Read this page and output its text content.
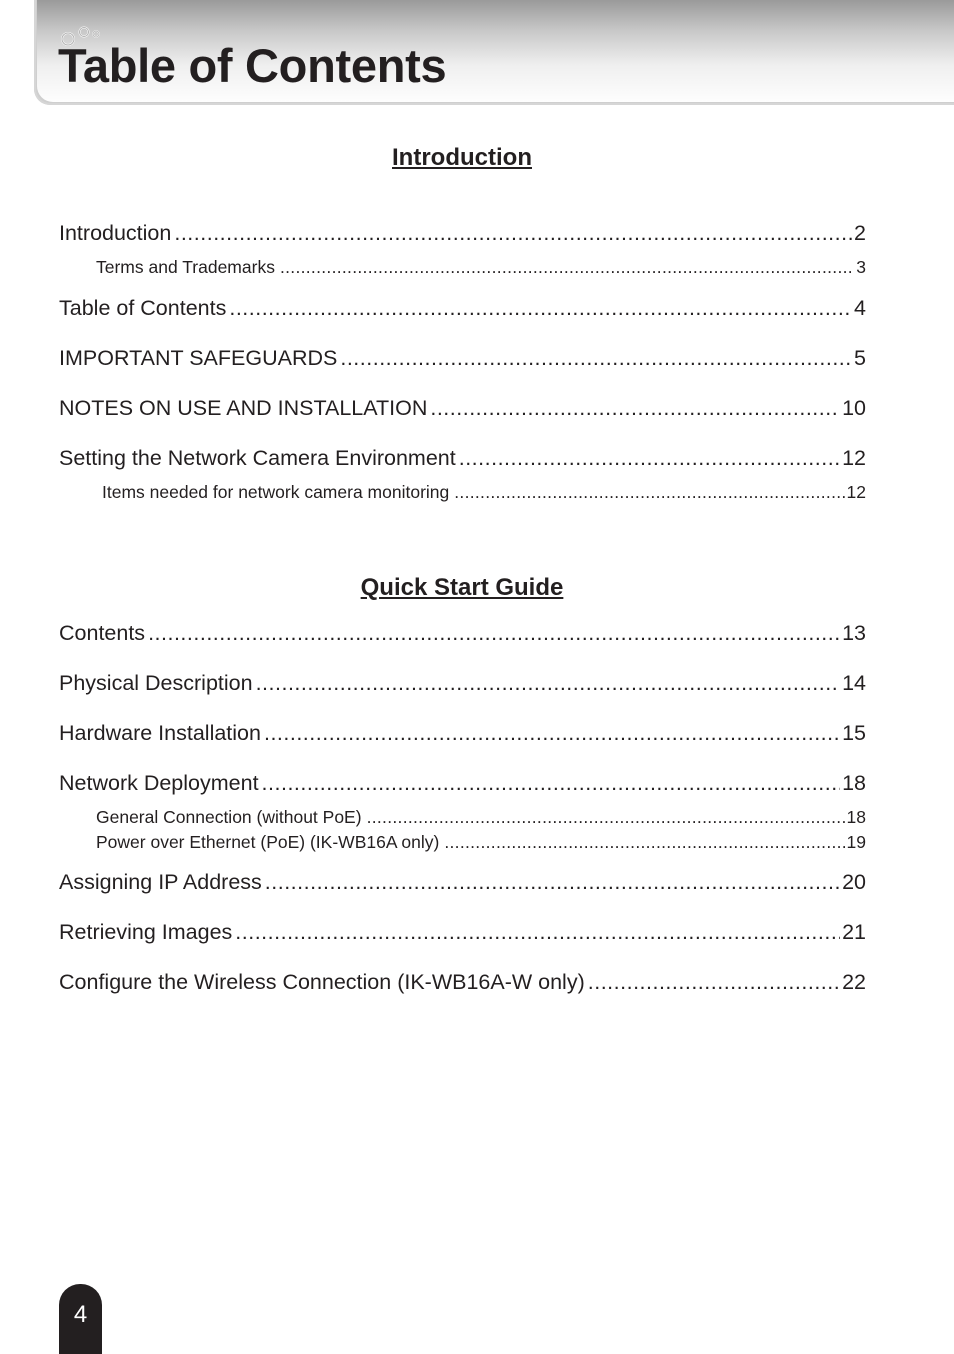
Table of Contents
Introduction
Introduction .....	2
Terms and Trademarks .....	3
Table of Contents .....	4
IMPORTANT SAFEGUARDS .....	5
NOTES ON USE AND INSTALLATION .....	10
Setting the Network Camera Environment .....	12
Items needed for network camera monitoring .....	12
Quick Start Guide
Contents .....	13
Physical Description .....	14
Hardware Installation .....	15
Network Deployment .....	18
General Connection (without PoE) .....	18
Power over Ethernet (PoE) (IK-WB16A only) .....	19
Assigning IP Address .....	20
Retrieving Images .....	21
Configure the Wireless Connection (IK-WB16A-W only) .....	22
4
